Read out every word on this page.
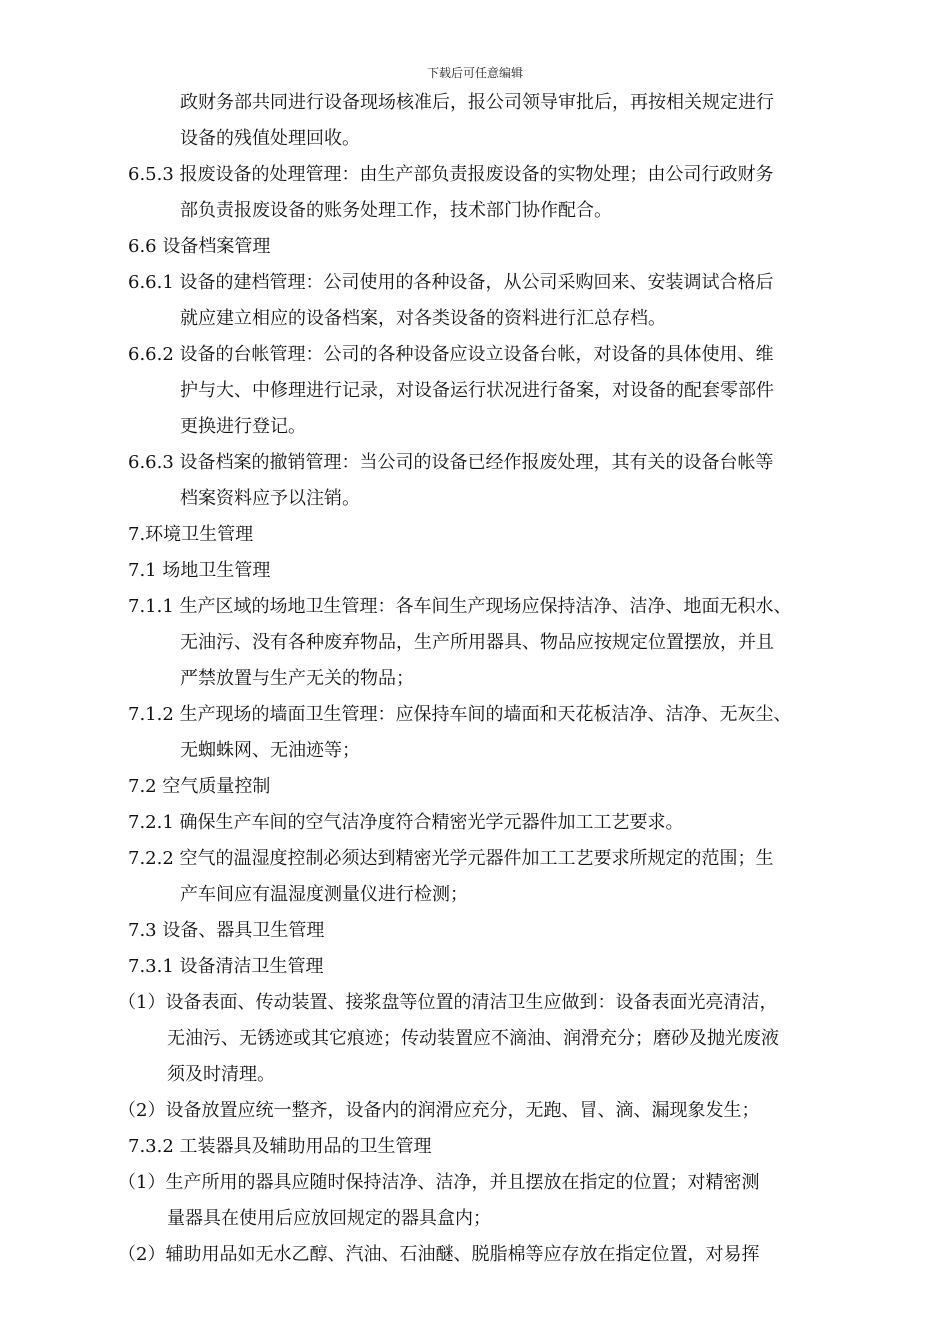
下载后可任意编辑
政财务部共同进行设备现场核准后，报公司领导审批后，再按相关规定进行
设备的残值处理回收。
6.5.3 报废设备的处理管理：由生产部负责报废设备的实物处理；由公司行政财务
部负责报废设备的账务处理工作，技术部门协作配合。
6.6 设备档案管理
6.6.1 设备的建档管理：公司使用的各种设备，从公司采购回来、安装调试合格后
就应建立相应的设备档案，对各类设备的资料进行汇总存档。
6.6.2 设备的台帐管理：公司的各种设备应设立设备台帐，对设备的具体使用、维
护与大、中修理进行记录，对设备运行状况进行备案，对设备的配套零部件
更换进行登记。
6.6.3 设备档案的撤销管理：当公司的设备已经作报废处理，其有关的设备台帐等
档案资料应予以注销。
7.环境卫生管理
7.1 场地卫生管理
7.1.1 生产区域的场地卫生管理：各车间生产现场应保持洁净、洁净、地面无积水、
无油污、没有各种废弃物品，生产所用器具、物品应按规定位置摆放，并且
严禁放置与生产无关的物品；
7.1.2 生产现场的墙面卫生管理：应保持车间的墙面和天花板洁净、洁净、无灰尘、
无蜘蛛网、无油迹等；
7.2 空气质量控制
7.2.1 确保生产车间的空气洁净度符合精密光学元器件加工工艺要求。
7.2.2 空气的温湿度控制必须达到精密光学元器件加工工艺要求所规定的范围；生
产车间应有温湿度测量仪进行检测；
7.3 设备、器具卫生管理
7.3.1 设备清洁卫生管理
（1）设备表面、传动装置、接浆盘等位置的清洁卫生应做到：设备表面光亮清洁，
无油污、无锈迹或其它痕迹；传动装置应不滴油、润滑充分；磨砂及抛光废液
须及时清理。
（2）设备放置应统一整齐，设备内的润滑应充分，无跑、冒、滴、漏现象发生；
7.3.2 工装器具及辅助用品的卫生管理
（1）生产所用的器具应随时保持洁净、洁净，并且摆放在指定的位置；对精密测
量器具在使用后应放回规定的器具盒内；
（2）辅助用品如无水乙醇、汽油、石油醚、脱脂棉等应存放在指定位置，对易挥
